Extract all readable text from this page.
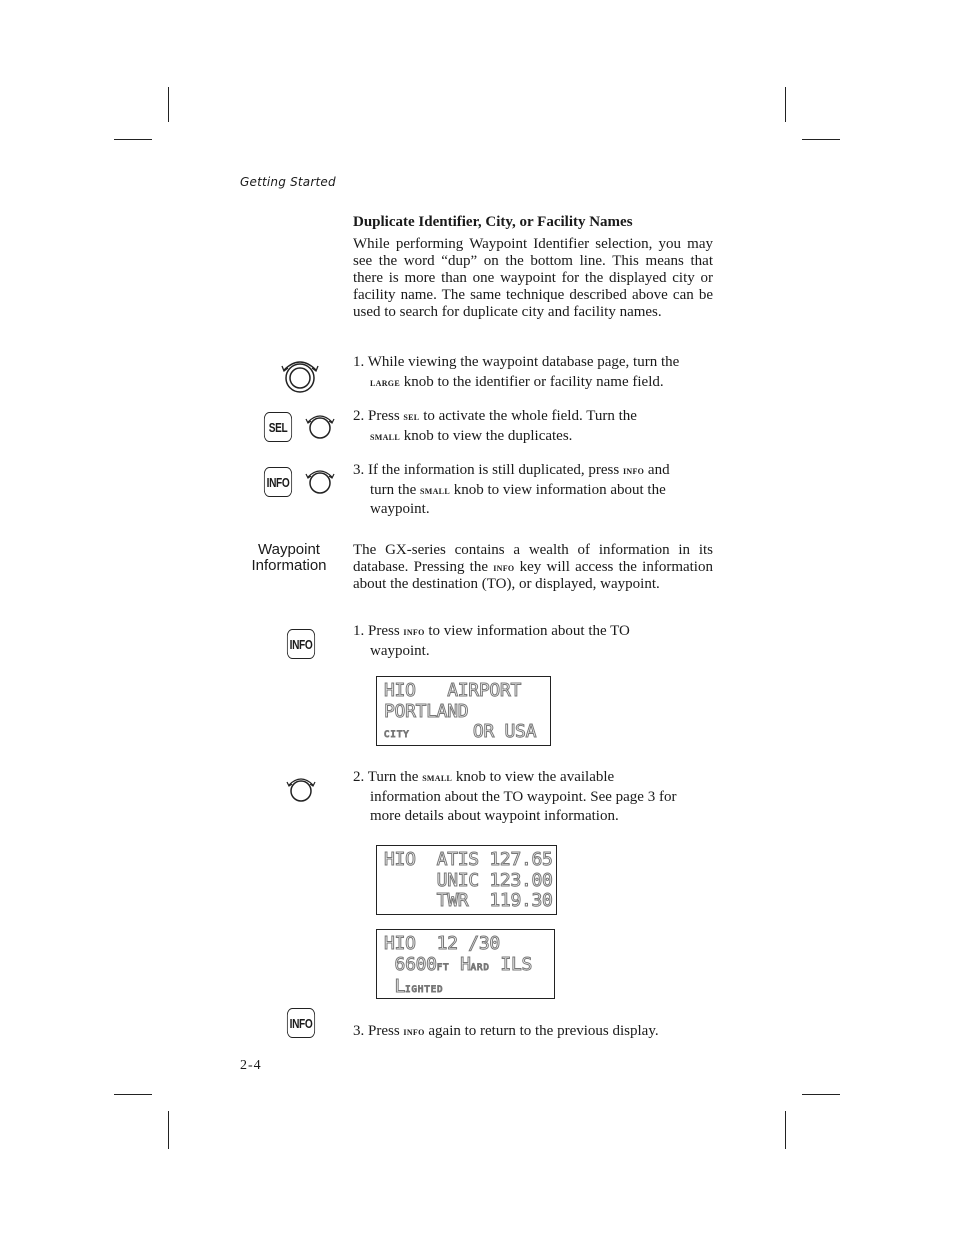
Getting Started
Duplicate Identifier, City, or Facility Names
While performing Waypoint Identifier selection, you may see the word “dup” on the bottom line. This means that there is more than one waypoint for the displayed city or facility name. The same technique described above can be used to search for duplicate city and facility names.
1. While viewing the waypoint database page, turn the
large knob to the identifier or facility name field.
SEL
2. Press sel to activate the whole field. Turn the
small knob to view the duplicates.
INFO
3. If the information is still duplicated, press info and
turn the small knob to view information about the
waypoint.
Waypoint
Information
The GX-series contains a wealth of information in its database. Pressing the info key will access the information about the destination (TO), or displayed, waypoint.
INFO
1. Press info to view information about the TO
waypoint.
HIO   AIRPORT
PORTLAND
city      OR USA
2. Turn the small knob to view the available
information about the TO waypoint. See page 3 for
more details about waypoint information.
HIO  ATIS 127.65
UNIC 123.00
TWR  119.30
HIO  12 /30
6600ft Hard ILS
Lighted
INFO	3. Press info again to return to the previous display.
2-4
